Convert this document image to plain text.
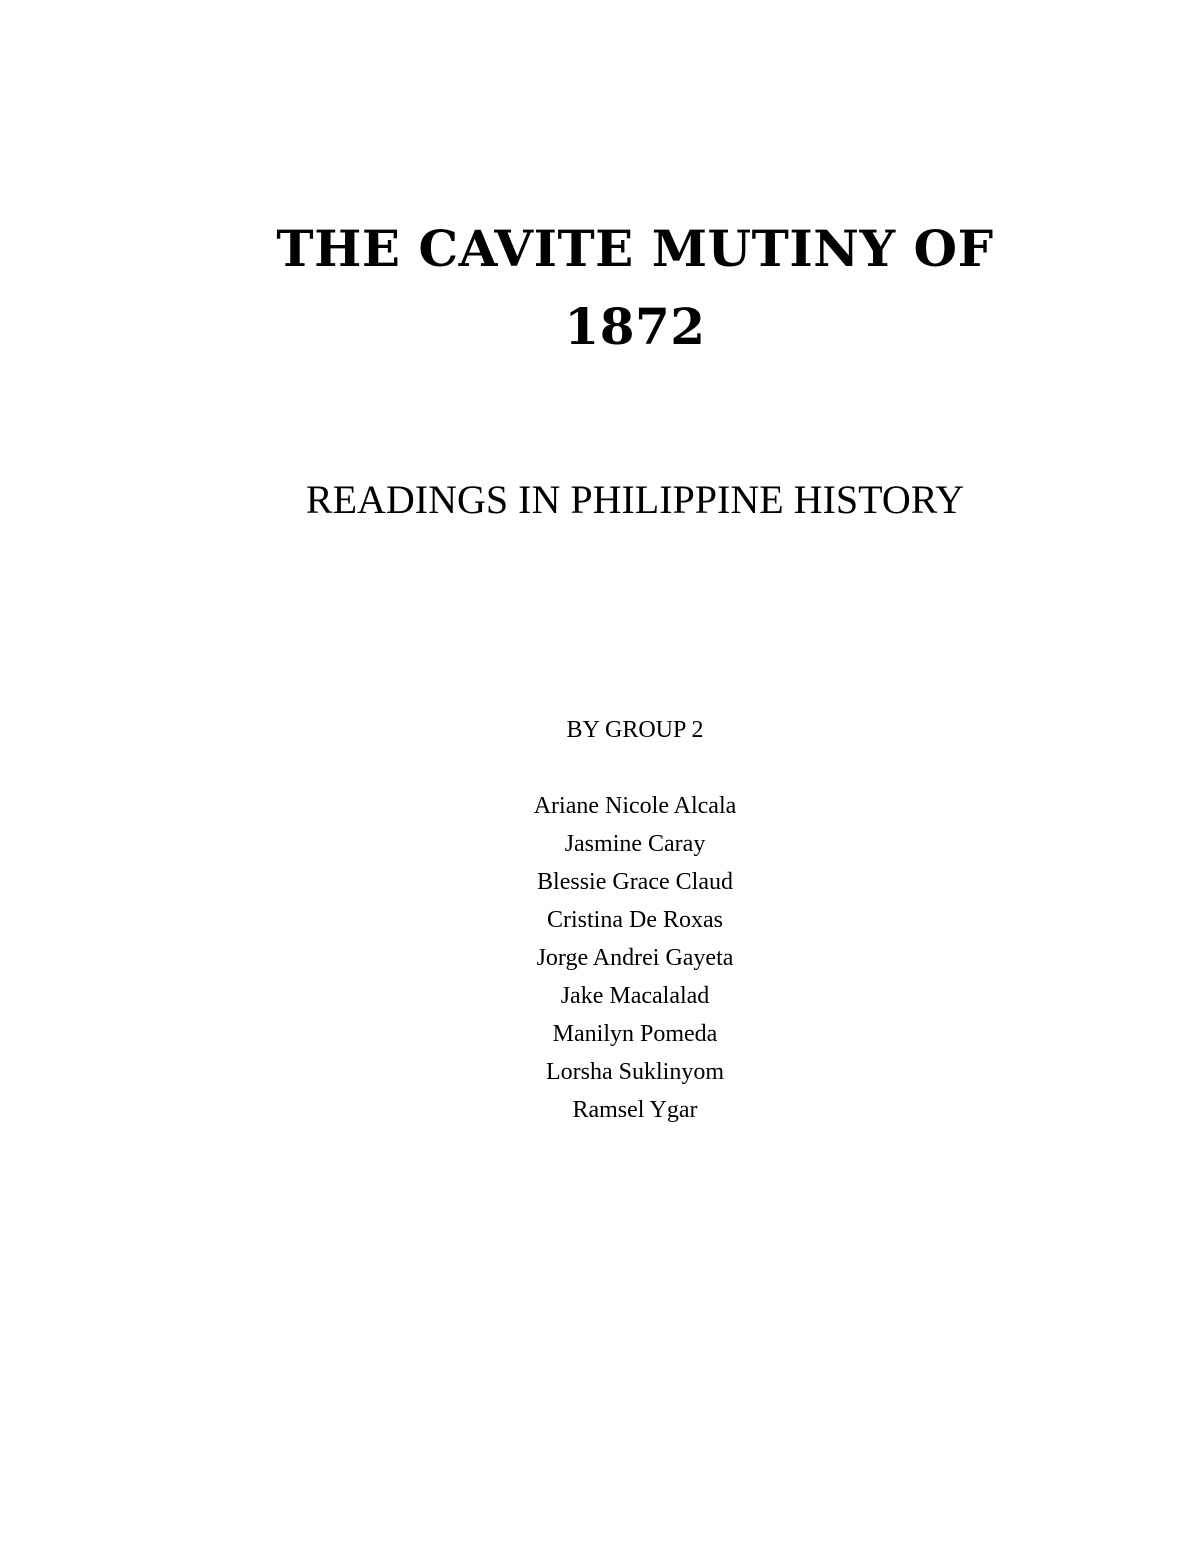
THE CAVITE MUTINY OF
1872
READINGS IN PHILIPPINE HISTORY
BY GROUP 2
Ariane Nicole Alcala
Jasmine Caray
Blessie Grace Claud
Cristina De Roxas
Jorge Andrei Gayeta
Jake Macalalad
Manilyn Pomeda
Lorsha Suklinyom
Ramsel Ygar
